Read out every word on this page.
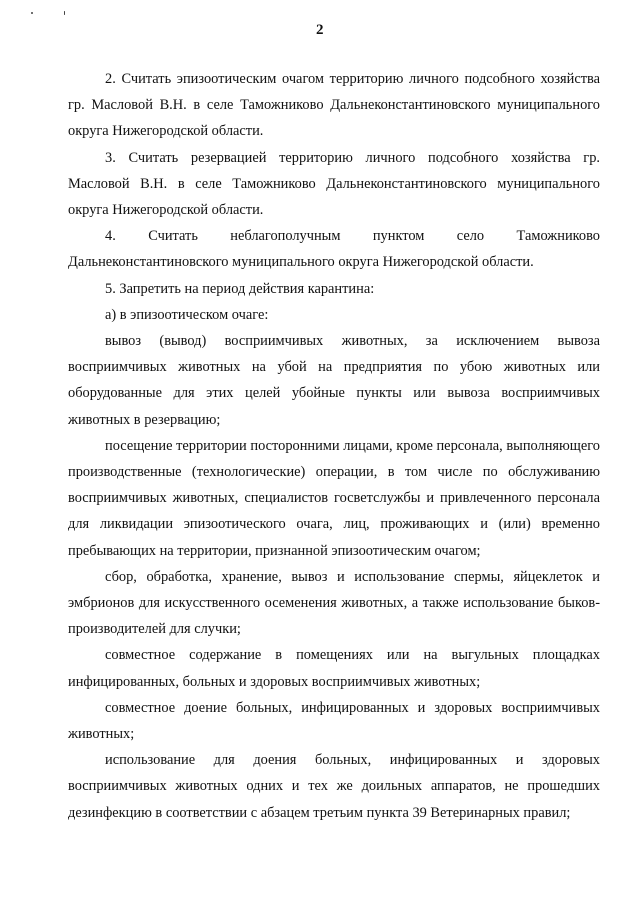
2

2. Считать эпизоотическим очагом территорию личного подсобного хозяйства гр. Масловой В.Н. в селе Таможниково Дальнеконстантиновского муниципального округа Нижегородской области.

3. Считать резервацией территорию личного подсобного хозяйства гр. Масловой В.Н. в селе Таможниково Дальнеконстантиновского муниципального округа Нижегородской области.

4. Считать неблагополучным пунктом село Таможниково Дальнеконстантиновского муниципального округа Нижегородской области.

5. Запретить на период действия карантина:

а) в эпизоотическом очаге:

вывоз (вывод) восприимчивых животных, за исключением вывоза восприимчивых животных на убой на предприятия по убою животных или оборудованные для этих целей убойные пункты или вывоза восприимчивых животных в резервацию;

посещение территории посторонними лицами, кроме персонала, выполняющего производственные (технологические) операции, в том числе по обслуживанию восприимчивых животных, специалистов госветслужбы и привлеченного персонала для ликвидации эпизоотического очага, лиц, проживающих и (или) временно пребывающих на территории, признанной эпизоотическим очагом;

сбор, обработка, хранение, вывоз и использование спермы, яйцеклеток и эмбрионов для искусственного осеменения животных, а также использование быков-производителей для случки;

совместное содержание в помещениях или на выгульных площадках инфицированных, больных и здоровых восприимчивых животных;

совместное доение больных, инфицированных и здоровых восприимчивых животных;

использование для доения больных, инфицированных и здоровых восприимчивых животных одних и тех же доильных аппаратов, не прошедших дезинфекцию в соответствии с абзацем третьим пункта 39 Ветеринарных правил;
